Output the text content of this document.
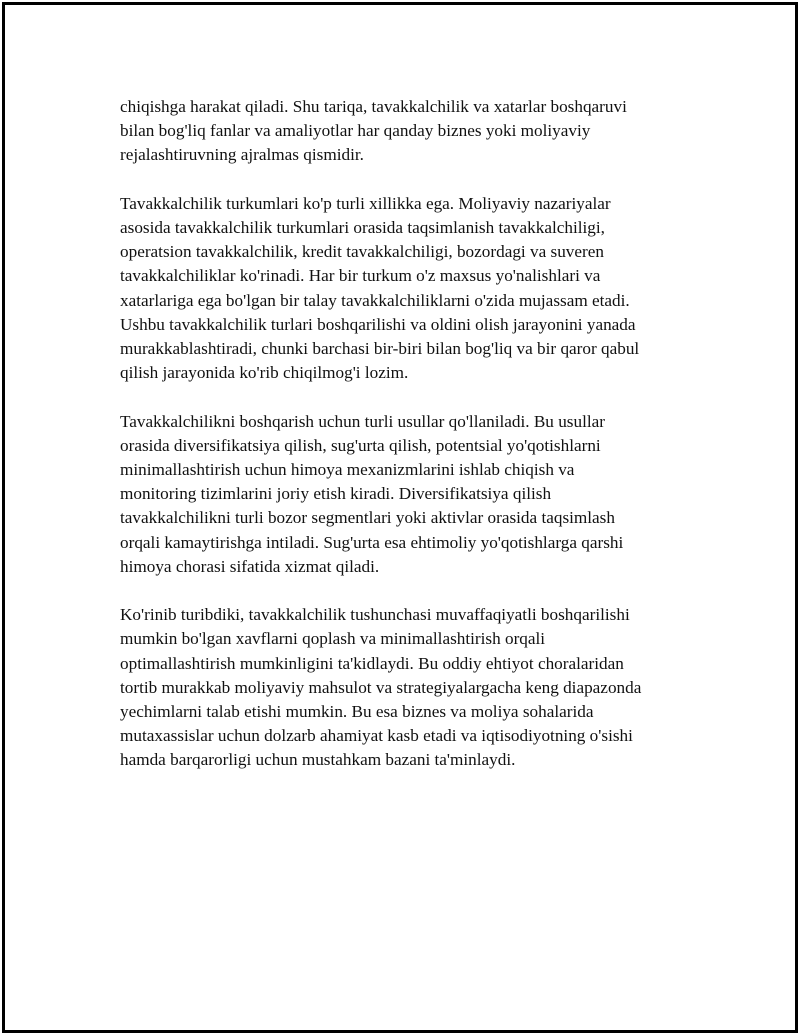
chiqishga harakat qiladi. Shu tariqa, tavakkalchilik va xatarlar boshqaruvi
bilan bog'liq fanlar va amaliyotlar har qanday biznes yoki moliyaviy
rejalashtiruvning ajralmas qismidir.

Tavakkalchilik turkumlari ko'p turli xillikka ega. Moliyaviy nazariyalar
asosida tavakkalchilik turkumlari orasida taqsimlanish tavakkalchiligi,
operatsion tavakkalchilik, kredit tavakkalchiligi, bozordagi va suveren
tavakkalchiliklar ko'rinadi. Har bir turkum o'z maxsus yo'nalishlari va
xatarlariga ega bo'lgan bir talay tavakkalchiliklarni o'zida mujassam etadi.
Ushbu tavakkalchilik turlari boshqarilishi va oldini olish jarayonini yanada
murakkablashtiradi, chunki barchasi bir-biri bilan bog'liq va bir qaror qabul
qilish jarayonida ko'rib chiqilmog'i lozim.

Tavakkalchilikni boshqarish uchun turli usullar qo'llaniladi. Bu usullar
orasida diversifikatsiya qilish, sug'urta qilish, potentsial yo'qotishlarni
minimallashtirish uchun himoya mexanizmlarini ishlab chiqish va
monitoring tizimlarini joriy etish kiradi. Diversifikatsiya qilish
tavakkalchilikni turli bozor segmentlari yoki aktivlar orasida taqsimlash
orqali kamaytirishga intiladi. Sug'urta esa ehtimoliy yo'qotishlarga qarshi
himoya chorasi sifatida xizmat qiladi.

Ko'rinib turibdiki, tavakkalchilik tushunchasi muvaffaqiyatli boshqarilishi
mumkin bo'lgan xavflarni qoplash va minimallashtirish orqali
optimallashtirish mumkinligini ta'kidlaydi. Bu oddiy ehtiyot choralaridan
tortib murakkab moliyaviy mahsulot va strategiyalargacha keng diapazonda
yechimlarni talab etishi mumkin. Bu esa biznes va moliya sohalarida
mutaxassislar uchun dolzarb ahamiyat kasb etadi va iqtisodiyotning o'sishi
hamda barqarorligi uchun mustahkam bazani ta'minlaydi.
